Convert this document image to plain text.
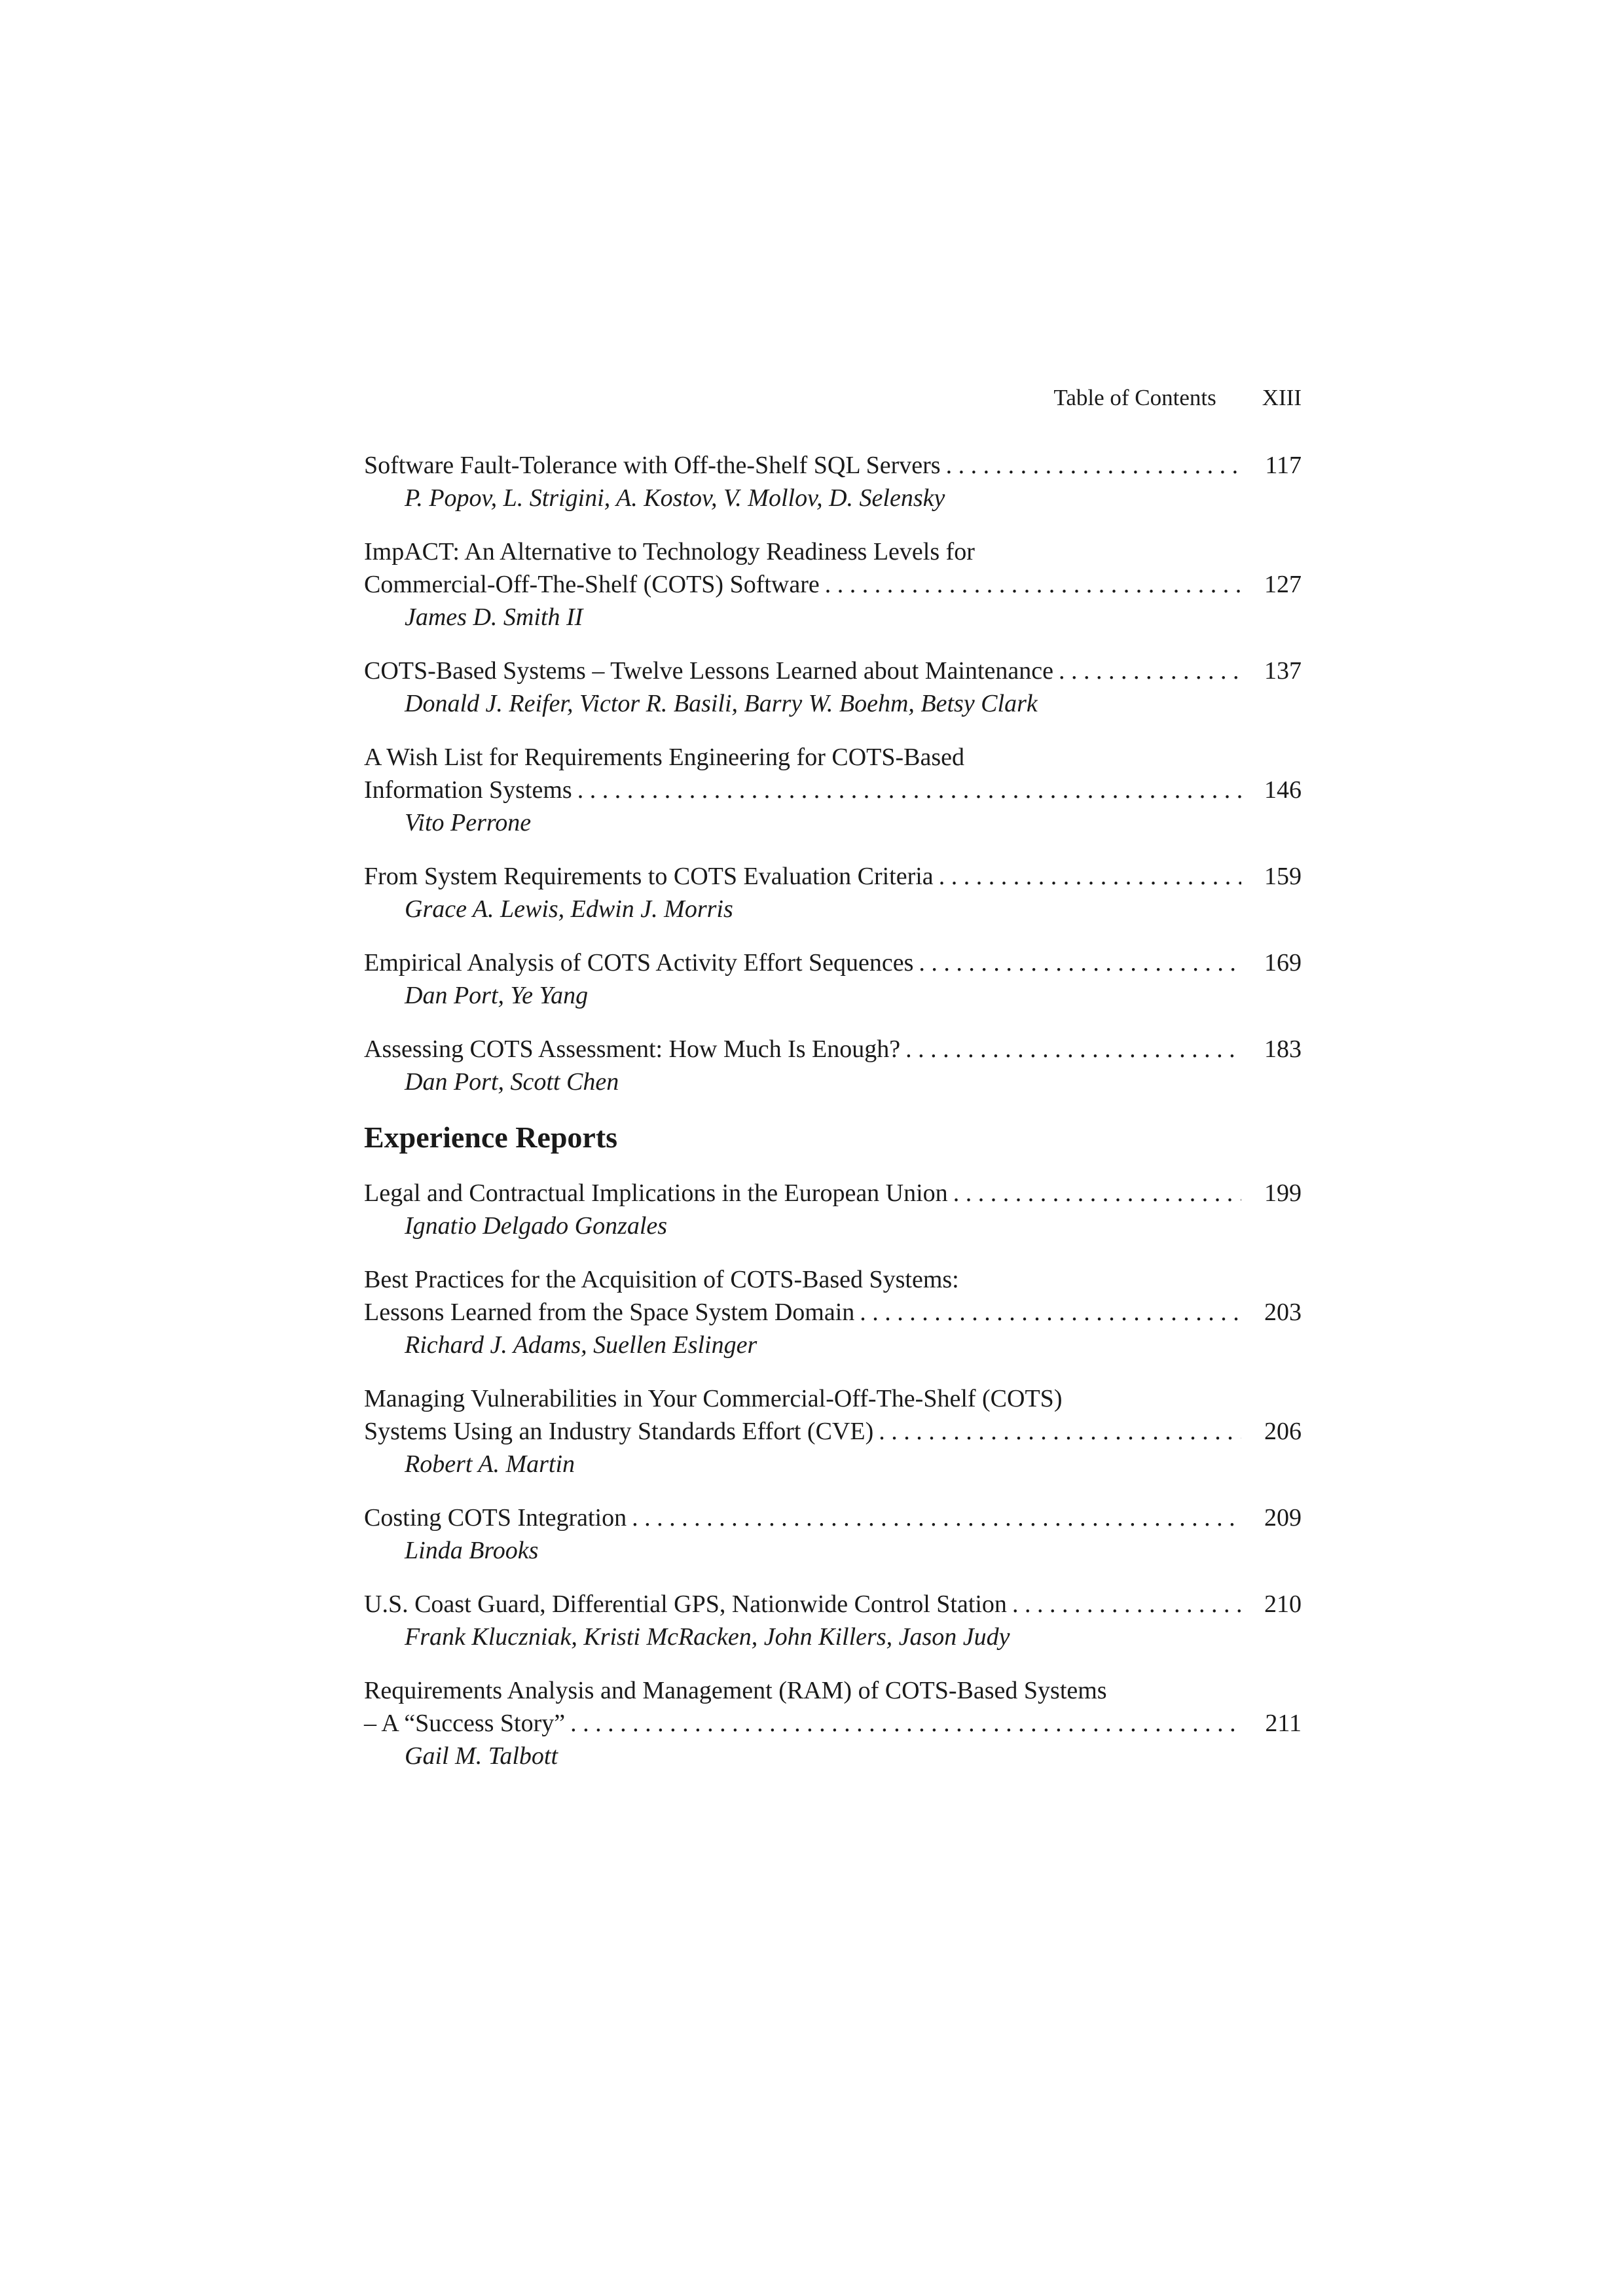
Table of Contents XIII
Software Fault-Tolerance with Off-the-Shelf SQL Servers . . .	117
P. Popov, L. Strigini, A. Kostov, V. Mollov, D. Selensky
ImpACT: An Alternative to Technology Readiness Levels for
Commercial-Off-The-Shelf (COTS) Software . . .	127
James D. Smith II
COTS-Based Systems – Twelve Lessons Learned about Maintenance . . .	137
Donald J. Reifer, Victor R. Basili, Barry W. Boehm, Betsy Clark
A Wish List for Requirements Engineering for COTS-Based
Information Systems . . .	146
Vito Perrone
From System Requirements to COTS Evaluation Criteria . . .	159
Grace A. Lewis, Edwin J. Morris
Empirical Analysis of COTS Activity Effort Sequences . . .	169
Dan Port, Ye Yang
Assessing COTS Assessment: How Much Is Enough? . . .	183
Dan Port, Scott Chen
Experience Reports
Legal and Contractual Implications in the European Union . . .	199
Ignatio Delgado Gonzales
Best Practices for the Acquisition of COTS-Based Systems:
Lessons Learned from the Space System Domain . . .	203
Richard J. Adams, Suellen Eslinger
Managing Vulnerabilities in Your Commercial-Off-The-Shelf (COTS)
Systems Using an Industry Standards Effort (CVE) . . .	206
Robert A. Martin
Costing COTS Integration . . .	209
Linda Brooks
U.S. Coast Guard, Differential GPS, Nationwide Control Station . . .	210
Frank Kluczniak, Kristi McRacken, John Killers, Jason Judy
Requirements Analysis and Management (RAM) of COTS-Based Systems
– A “Success Story” . . .	211
Gail M. Talbott
